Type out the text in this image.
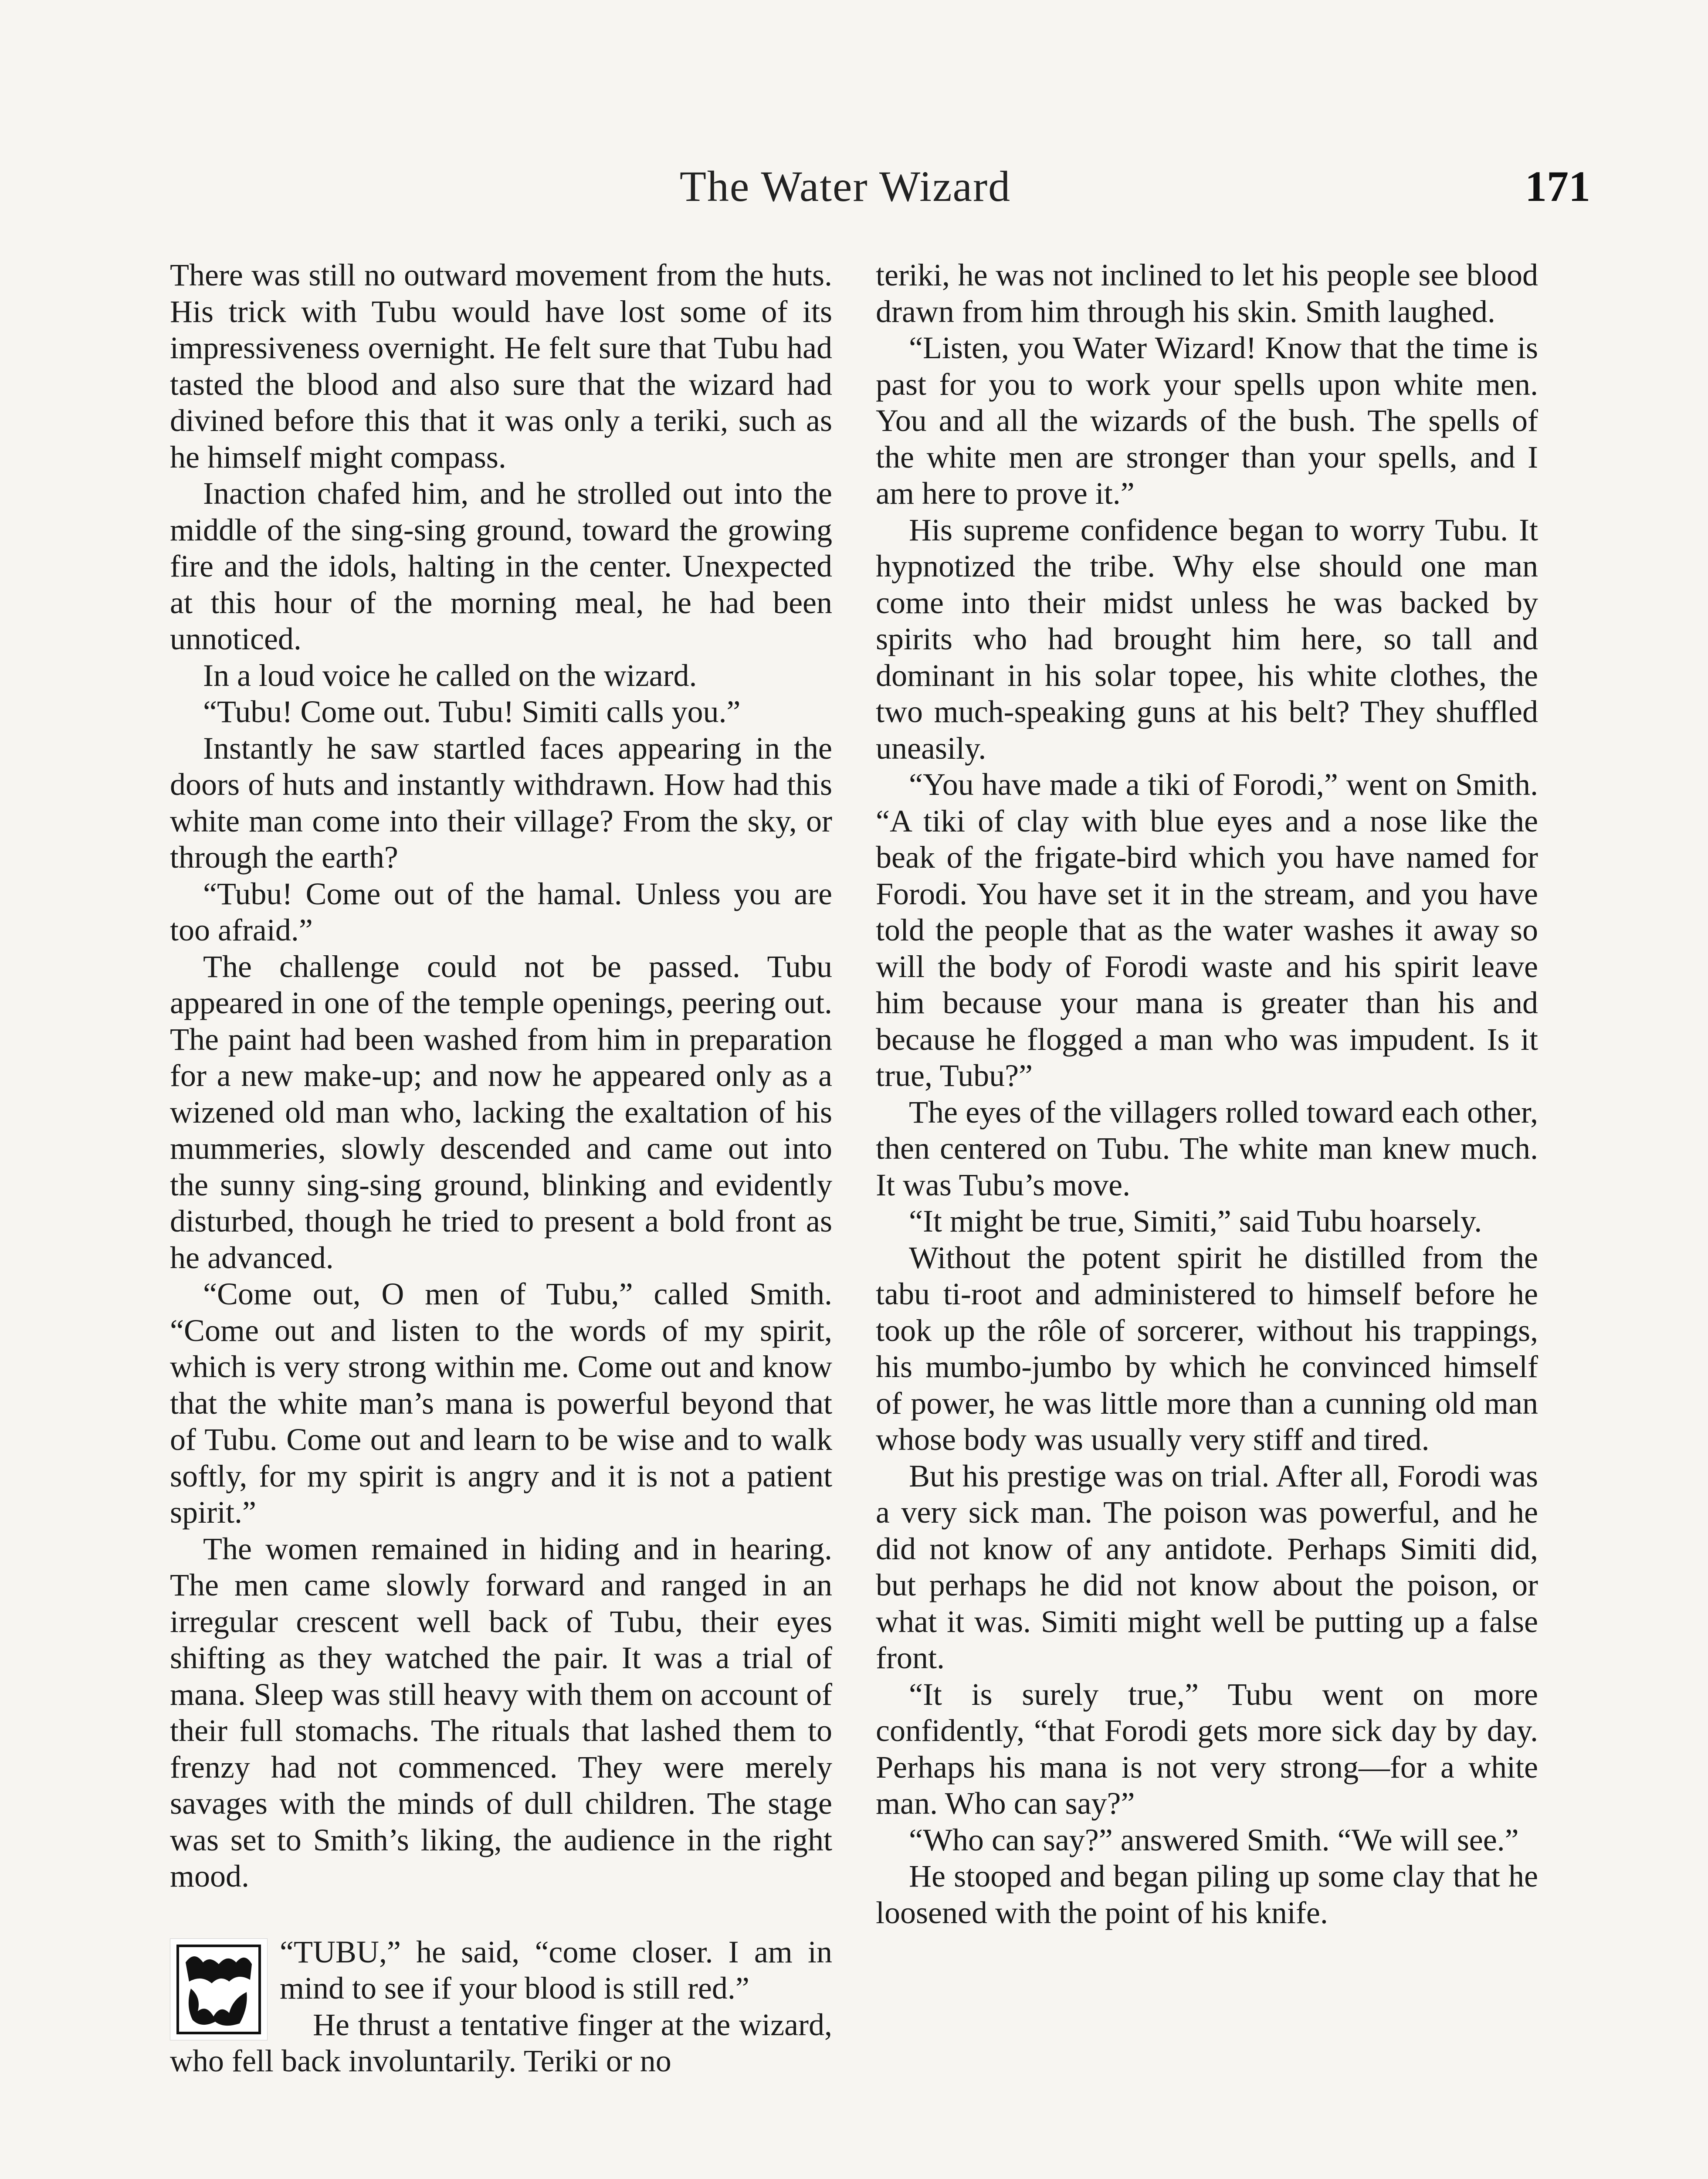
The Water Wizard	171

There was still no outward movement from the huts. His trick with Tubu would have lost some of its impressiveness overnight. He felt sure that Tubu had tasted the blood and also sure that the wizard had divined before this that it was only a teriki, such as he himself might compass.

Inaction chafed him, and he strolled out into the middle of the sing-sing ground, toward the growing fire and the idols, halting in the center. Unexpected at this hour of the morning meal, he had been unnoticed.

In a loud voice he called on the wizard.

“Tubu! Come out. Tubu! Simiti calls you.”

Instantly he saw startled faces appearing in the doors of huts and instantly withdrawn. How had this white man come into their village? From the sky, or through the earth?

“Tubu! Come out of the hamal. Unless you are too afraid.”

The challenge could not be passed. Tubu appeared in one of the temple openings, peering out. The paint had been washed from him in preparation for a new make-up; and now he appeared only as a wizened old man who, lacking the exaltation of his mummeries, slowly descended and came out into the sunny sing-sing ground, blinking and evidently disturbed, though he tried to present a bold front as he advanced.

“Come out, O men of Tubu,” called Smith. “Come out and listen to the words of my spirit, which is very strong within me. Come out and know that the white man’s mana is powerful beyond that of Tubu. Come out and learn to be wise and to walk softly, for my spirit is angry and it is not a patient spirit.”

The women remained in hiding and in hearing. The men came slowly forward and ranged in an irregular crescent well back of Tubu, their eyes shifting as they watched the pair. It was a trial of mana. Sleep was still heavy with them on account of their full stomachs. The rituals that lashed them to frenzy had not commenced. They were merely savages with the minds of dull children. The stage was set to Smith’s liking, the audience in the right mood.

“TUBU,” he said, “come closer. I am in mind to see if your blood is still red.”

He thrust a tentative finger at the wizard, who fell back involuntarily. Teriki or no

teriki, he was not inclined to let his people see blood drawn from him through his skin. Smith laughed.

“Listen, you Water Wizard! Know that the time is past for you to work your spells upon white men. You and all the wizards of the bush. The spells of the white men are stronger than your spells, and I am here to prove it.”

His supreme confidence began to worry Tubu. It hypnotized the tribe. Why else should one man come into their midst unless he was backed by spirits who had brought him here, so tall and dominant in his solar topee, his white clothes, the two much-speaking guns at his belt? They shuffled uneasily.

“You have made a tiki of Forodi,” went on Smith. “A tiki of clay with blue eyes and a nose like the beak of the frigate-bird which you have named for Forodi. You have set it in the stream, and you have told the people that as the water washes it away so will the body of Forodi waste and his spirit leave him because your mana is greater than his and because he flogged a man who was impudent. Is it true, Tubu?”

The eyes of the villagers rolled toward each other, then centered on Tubu. The white man knew much. It was Tubu’s move.

“It might be true, Simiti,” said Tubu hoarsely.

Without the potent spirit he distilled from the tabu ti-root and administered to himself before he took up the rôle of sorcerer, without his trappings, his mumbo-jumbo by which he convinced himself of power, he was little more than a cunning old man whose body was usually very stiff and tired.

But his prestige was on trial. After all, Forodi was a very sick man. The poison was powerful, and he did not know of any antidote. Perhaps Simiti did, but perhaps he did not know about the poison, or what it was. Simiti might well be putting up a false front.

“It is surely true,” Tubu went on more confidently, “that Forodi gets more sick day by day. Perhaps his mana is not very strong—for a white man. Who can say?”

“Who can say?” answered Smith. “We will see.”

He stooped and began piling up some clay that he loosened with the point of his knife.
